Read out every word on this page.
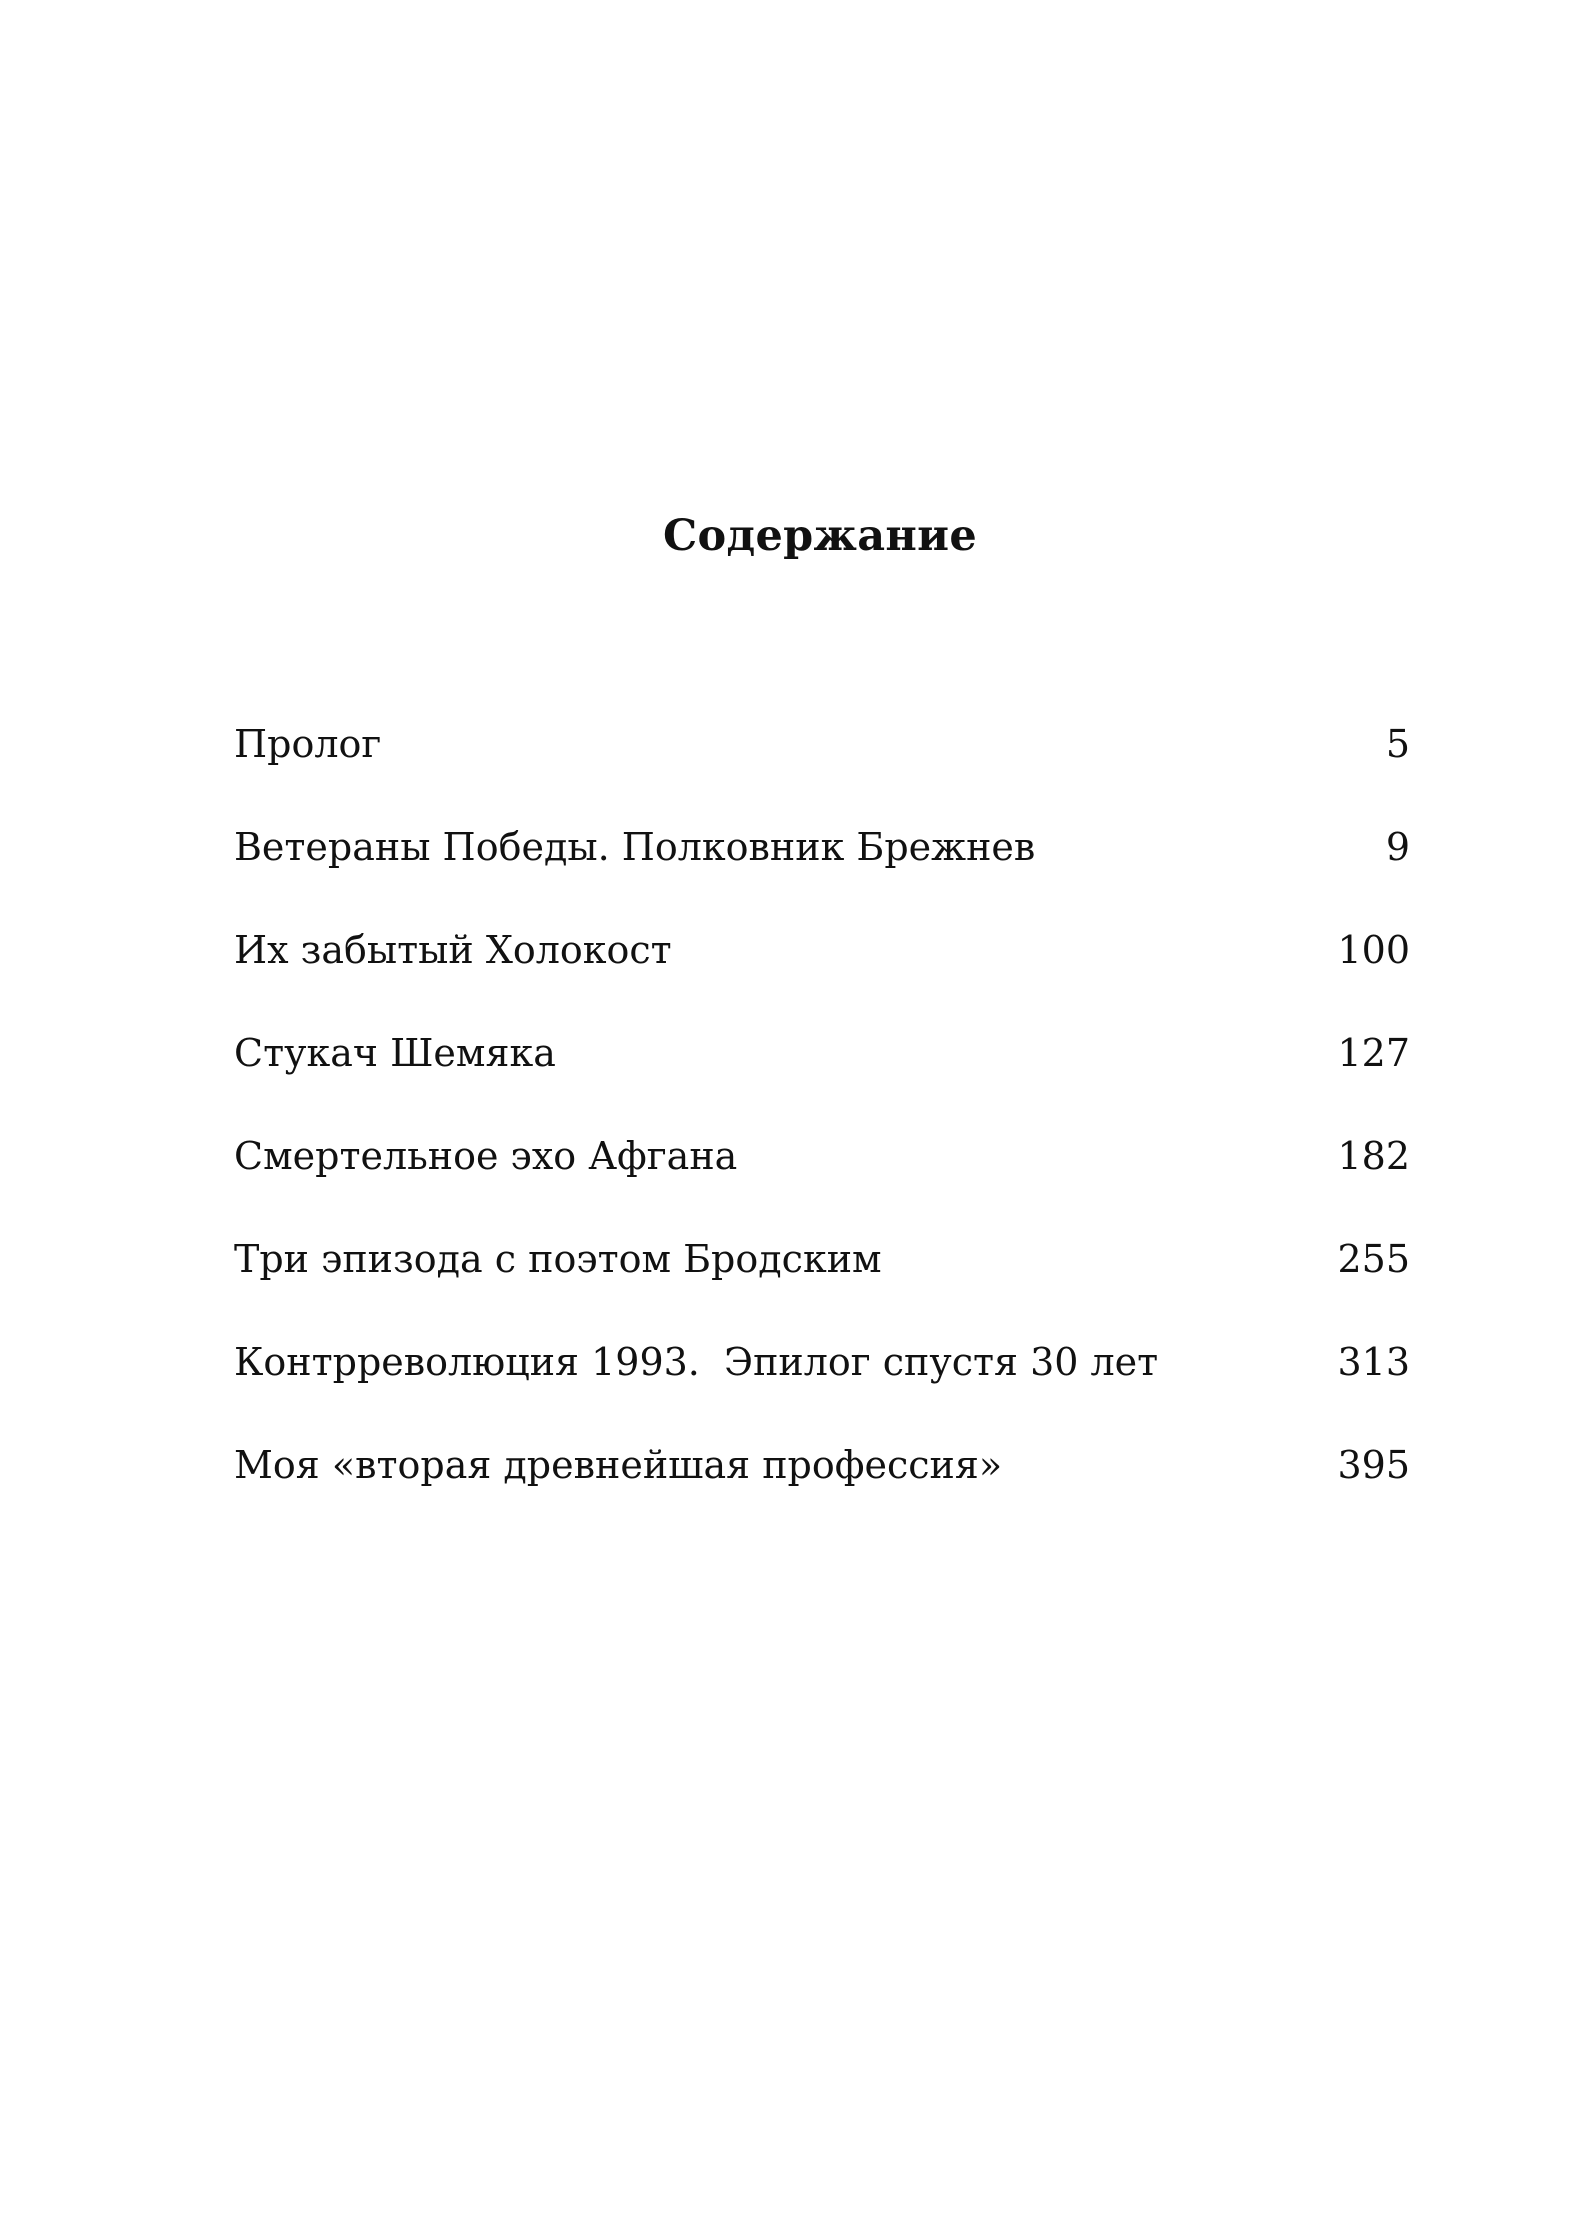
Содержание
Пролог	5
Ветераны Победы. Полковник Брежнев	9
Их забытый Холокост	100
Стукач Шемяка	127
Смертельное эхо Афгана	182
Три эпизода с поэтом Бродским	255
Контрреволюция 1993.  Эпилог спустя 30 лет	313
Моя «вторая древнейшая профессия»	395
